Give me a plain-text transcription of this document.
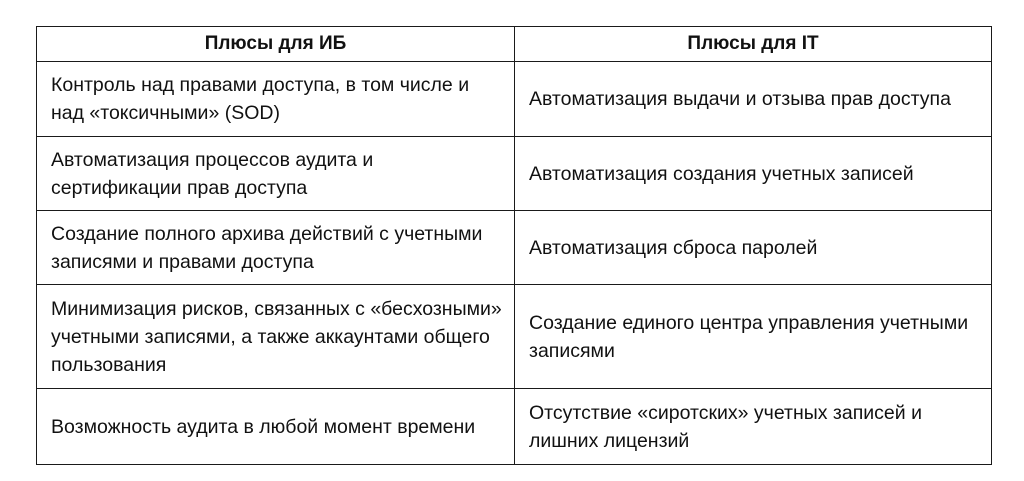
Плюсы для ИБ	Плюсы для IT
Контроль над правами доступа, в том числе и над «токсичными» (SOD)	Автоматизация выдачи и отзыва прав доступа
Автоматизация процессов аудита и сертификации прав доступа	Автоматизация создания учетных записей
Создание полного архива действий с учетными записями и правами доступа	Автоматизация сброса паролей
Минимизация рисков, связанных с «бесхозными» учетными записями, а также аккаунтами общего пользования	Создание единого центра управления учетными записями
Возможность аудита в любой момент времени	Отсутствие «сиротских» учетных записей и лишних лицензий
